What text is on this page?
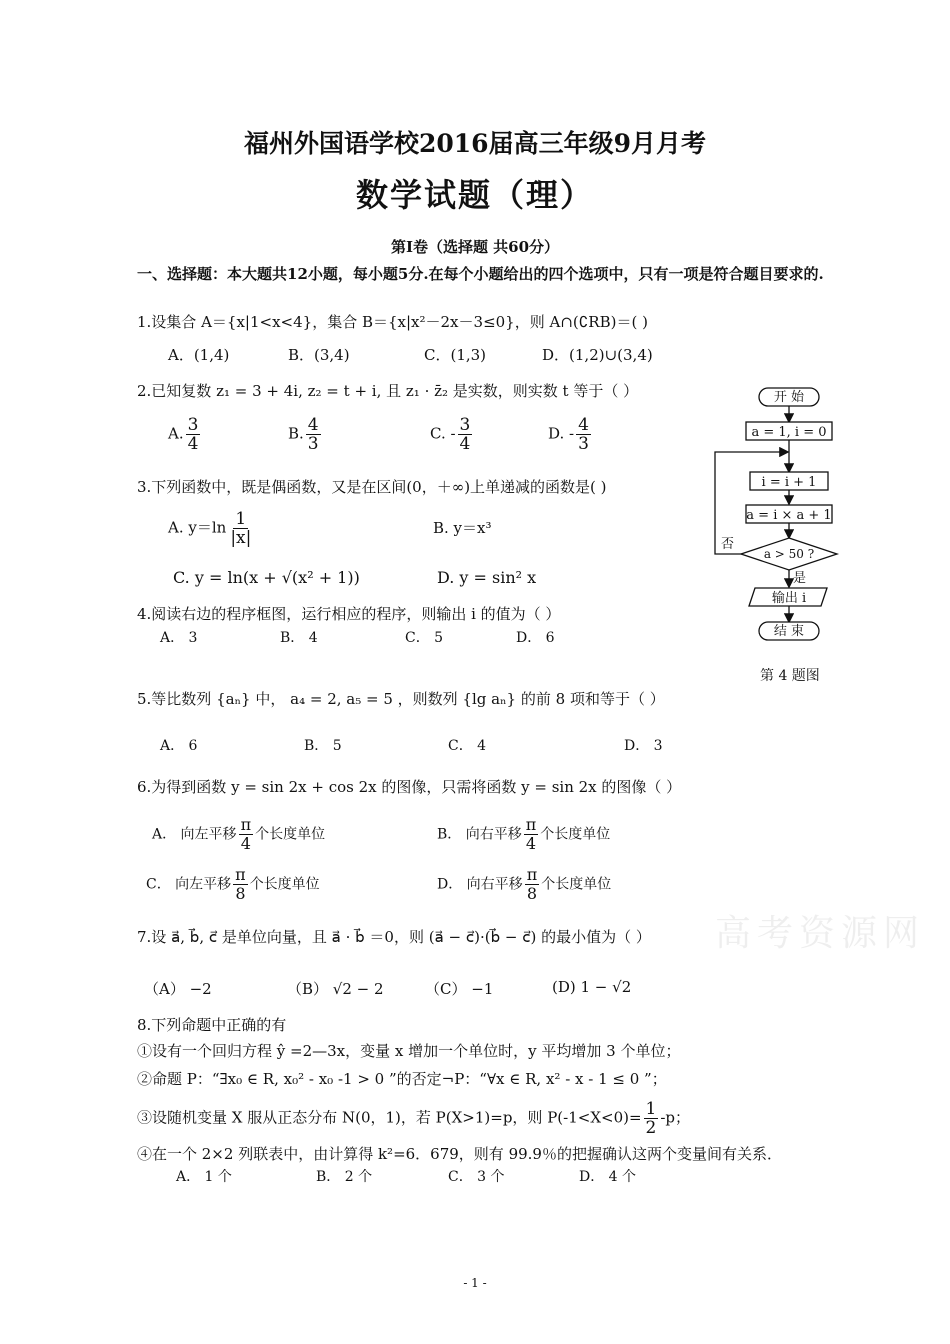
福州外国语学校2016届高三年级9月月考
数学试题（理）
第Ⅰ卷（选择题 共60分）
一、选择题：本大题共12小题，每小题5分.在每个小题给出的四个选项中，只有一项是符合题目要求的.
1.设集合 A＝{x|1<x<4}，集合 B＝{x|x²－2x－3≤0}，则 A∩(∁RB)＝( )
A．(1,4)	B．(3,4)	C．(1,3)	D．(1,2)∪(3,4)
2.已知复数 z₁ = 3 + 4i, z₂ = t + i, 且 z₁ · z̄₂ 是实数，则实数 t 等于（ ）
A. $\frac{3}{4}$	B. $\frac{4}{3}$	C. - $\frac{3}{4}$	D. - $\frac{4}{3}$
3.下列函数中，既是偶函数，又是在区间(0，＋∞)上单递减的函数是( )
A. $y=\ln \frac{1}{|x|}$	B. y＝x³
C. y = ln(x + √(x² + 1))	D. y = sin² x
4.阅读右边的程序框图，运行相应的程序，则输出 i 的值为（ ）
A． 3	B． 4	C． 5	D． 6
开 始
a = 1, i = 0
i = i + 1
a = i × a + 1
a > 50 ?
否
是
输出 i
结 束
第 4 题图
5.等比数列 {aₙ} 中， a₄ = 2, a₅ = 5 ，则数列 {lg aₙ} 的前 8 项和等于（ ）
A． 6	B． 5	C． 4	D． 3
6.为得到函数 y = sin 2x + cos 2x 的图像，只需将函数 y = sin 2x 的图像（ ）
A． 向左平移 $\frac{\pi}{4}$ 个长度单位	B． 向右平移 $\frac{\pi}{4}$ 个长度单位
C． 向左平移 $\frac{\pi}{8}$ 个长度单位	D． 向右平移 $\frac{\pi}{8}$ 个长度单位
高考资源网
7.设 a⃗, b⃗, c⃗ 是单位向量，且 a⃗ · b⃗ ＝0，则 (a⃗ − c⃗)·(b⃗ − c⃗) 的最小值为（ ）
（A） −2	（B） √2 − 2	（C） −1	(D) 1 − √2
8.下列命题中正确的有
①设有一个回归方程 ŷ =2—3x，变量 x 增加一个单位时，y 平均增加 3 个单位；
②命题 P：“∃x₀ ∈ R, x₀² - x₀ -1 > 0 ”的否定¬P：“∀x ∈ R, x² - x - 1 ≤ 0 ”；
③设随机变量 X 服从正态分布 N(0，1)，若 P(X>1)=p，则 $P(-1<X<0)= \frac{1}{2} -p$；
④在一个 2×2 列联表中，由计算得 k²=6．679，则有 99.9％的把握确认这两个变量间有关系．
A． 1 个	B． 2 个	C． 3 个	D． 4 个
- 1 -
